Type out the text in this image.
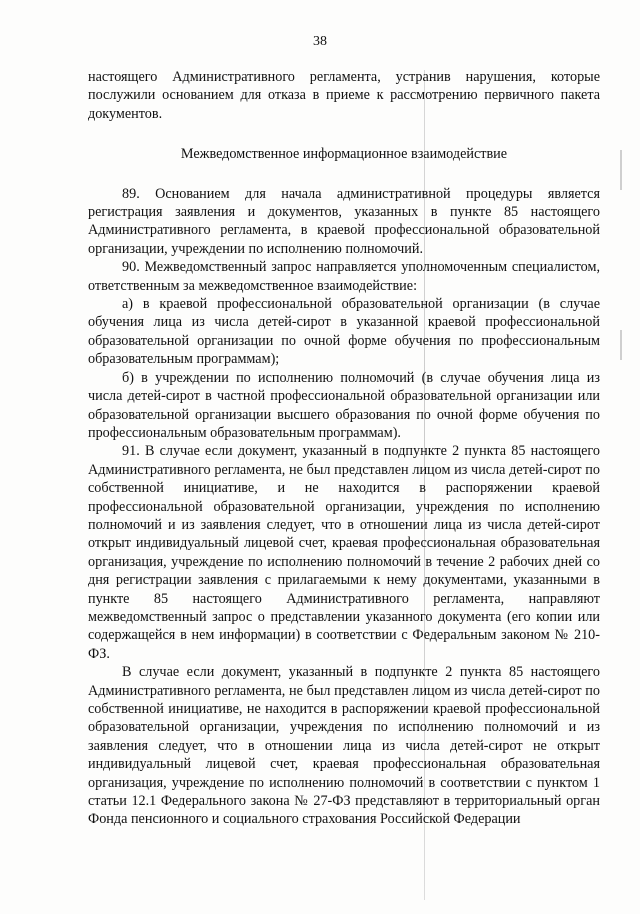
38

настоящего Административного регламента, устранив нарушения, которые послужили основанием для отказа в приеме к рассмотрению первичного пакета документов.

Межведомственное информационное взаимодействие

89. Основанием для начала административной процедуры является регистрация заявления и документов, указанных в пункте 85 настоящего Административного регламента, в краевой профессиональной образовательной организации, учреждении по исполнению полномочий.

90. Межведомственный запрос направляется уполномоченным специалистом, ответственным за межведомственное взаимодействие:

а) в краевой профессиональной образовательной организации (в случае обучения лица из числа детей-сирот в указанной краевой профессиональной образовательной организации по очной форме обучения по профессиональным образовательным программам);

б) в учреждении по исполнению полномочий (в случае обучения лица из числа детей-сирот в частной профессиональной образовательной организации или образовательной организации высшего образования по очной форме обучения по профессиональным образовательным программам).

91. В случае если документ, указанный в подпункте 2 пункта 85 настоящего Административного регламента, не был представлен лицом из числа детей-сирот по собственной инициативе, и не находится в распоряжении краевой профессиональной образовательной организации, учреждения по исполнению полномочий и из заявления следует, что в отношении лица из числа детей-сирот открыт индивидуальный лицевой счет, краевая профессиональная образовательная организация, учреждение по исполнению полномочий в течение 2 рабочих дней со дня регистрации заявления с прилагаемыми к нему документами, указанными в пункте 85 настоящего Административного регламента, направляют межведомственный запрос о представлении указанного документа (его копии или содержащейся в нем информации) в соответствии с Федеральным законом № 210-ФЗ.

В случае если документ, указанный в подпункте 2 пункта 85 настоящего Административного регламента, не был представлен лицом из числа детей-сирот по собственной инициативе, не находится в распоряжении краевой профессиональной образовательной организации, учреждения по исполнению полномочий и из заявления следует, что в отношении лица из числа детей-сирот не открыт индивидуальный лицевой счет, краевая профессиональная образовательная организация, учреждение по исполнению полномочий в соответствии с пунктом 1 статьи 12.1 Федерального закона № 27-ФЗ представляют в территориальный орган Фонда пенсионного и социального страхования Российской Федерации
